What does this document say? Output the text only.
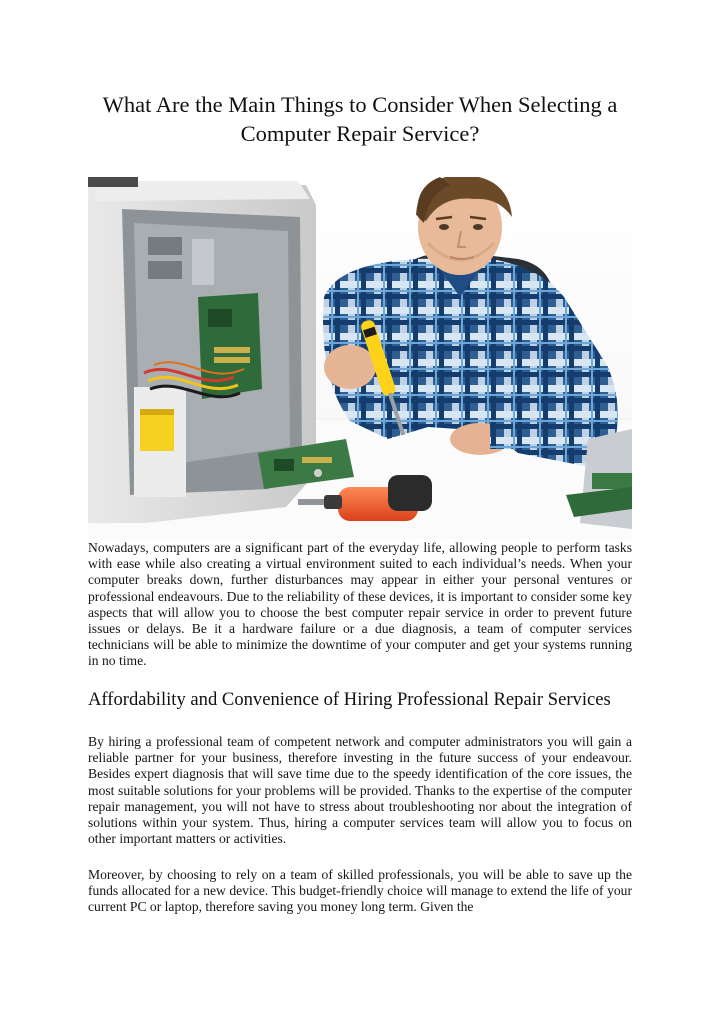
What Are the Main Things to Consider When Selecting a Computer Repair Service?

Nowadays, computers are a significant part of the everyday life, allowing people to perform tasks with ease while also creating a virtual environment suited to each individual’s needs. When your computer breaks down, further disturbances may appear in either your personal ventures or professional endeavours. Due to the reliability of these devices, it is important to consider some key aspects that will allow you to choose the best computer repair service in order to prevent future issues or delays. Be it a hardware failure or a due diagnosis, a team of computer services technicians will be able to minimize the downtime of your computer and get your systems running in no time.

Affordability and Convenience of Hiring Professional Repair Services

By hiring a professional team of competent network and computer administrators you will gain a reliable partner for your business, therefore investing in the future success of your endeavour. Besides expert diagnosis that will save time due to the speedy identification of the core issues, the most suitable solutions for your problems will be provided. Thanks to the expertise of the computer repair management, you will not have to stress about troubleshooting nor about the integration of solutions within your system. Thus, hiring a computer services team will allow you to focus on other important matters or activities.

Moreover, by choosing to rely on a team of skilled professionals, you will be able to save up the funds allocated for a new device. This budget-friendly choice will manage to extend the life of your current PC or laptop, therefore saving you money long term. Given the
